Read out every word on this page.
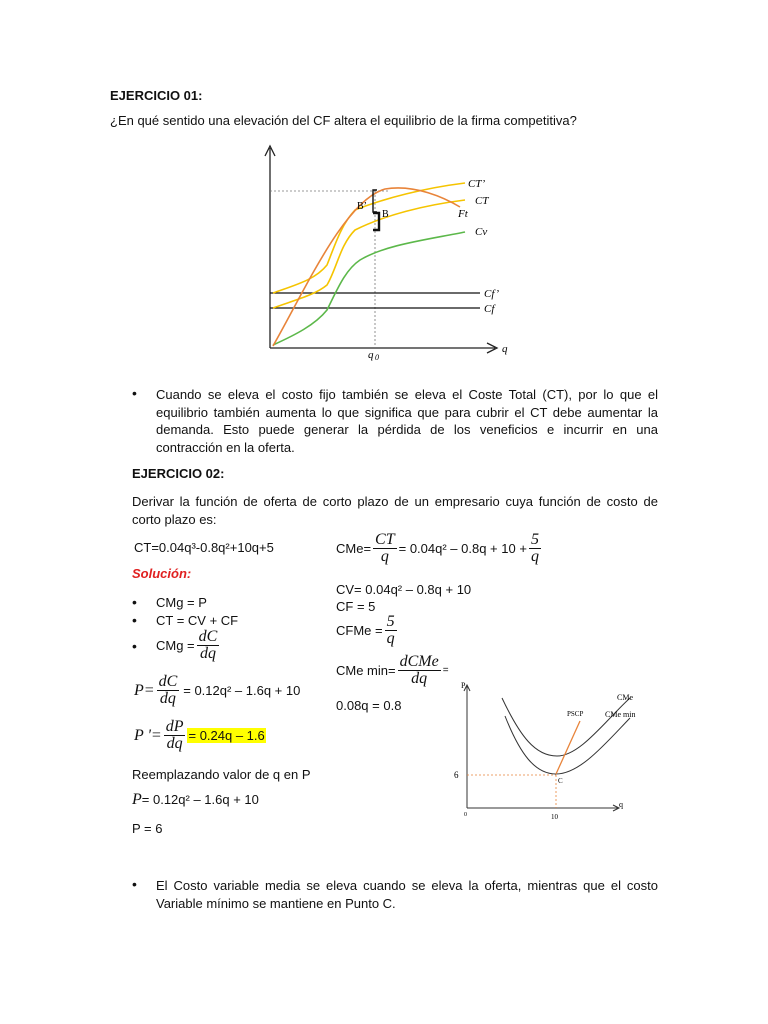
EJERCICIO 01:
¿En qué sentido una elevación del CF altera el equilibrio de la firma competitiva?
CT’
CT
Ft
Cv
Cf’
Cf
B’
B
q 0
q
• Cuando se eleva el costo fijo también se eleva el Coste Total (CT), por lo que el equilibrio también aumenta lo que significa que para cubrir el CT debe aumentar la demanda. Esto puede generar la pérdida de los veneficios e incurrir en una contracción en la oferta.
EJERCICIO 02:
Derivar la función de oferta de corto plazo de un empresario cuya función de costo de corto plazo es:
CT=0.04q³-0.8q²+10q+5
Solución:
• CMg = P
• CT = CV + CF
• CMg = $\frac{dC}{dq}$
$P = \frac{dC}{dq} = 0.12q^2 - 1.6q + 10$
P '= $\frac{dP}{dq} = 0.24q - 1.6$
Reemplazando valor de q en P
P= 0.12q² – 1.6q + 10
P = 6
$CMe= \frac{CT}{q} = 0.04q^2 - 0.8q + 10 + \frac{5}{q}$
CV= 0.04q² – 0.8q + 10
CF = 5
CFMe = $\frac{5}{q}$
CMe $\min= \frac{\text{dCMe}}{dq}$ =
0.08q = 0.8
P
q
CMe
CMe min
PSCP
6
10
C
0
• El Costo variable media se eleva cuando se eleva la oferta, mientras que el costo Variable mínimo se mantiene en Punto C.
